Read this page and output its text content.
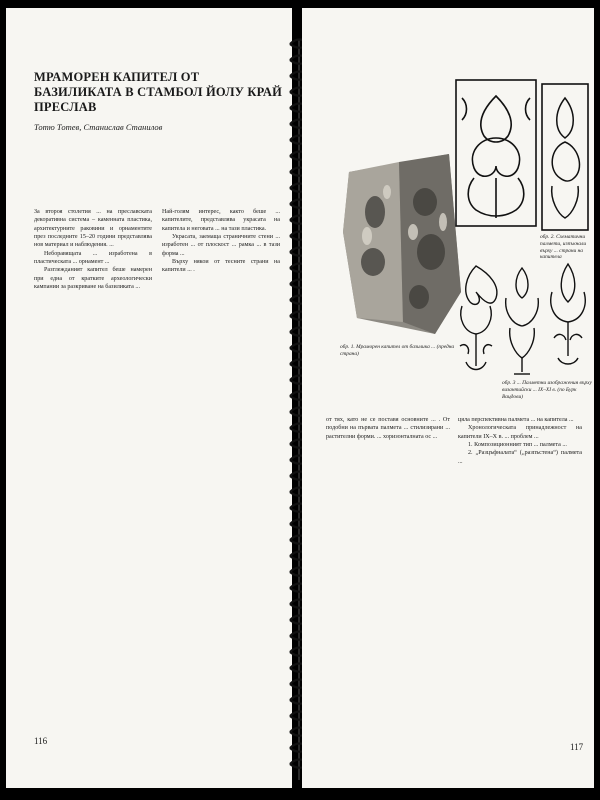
МРАМОРЕН КАПИТЕЛ ОТ БАЗИЛИКАТА В СТАМБОЛ ЙОЛУ КРАЙ ПРЕСЛАВ
Тотю Тотев, Станислав Станилов

За второя столетия ... на преславската декоративна система – каменната пластика, архитектурните раковини и орнаментите през последните 15–20 години представлява нов материал и наблюдения. ...

Неборавящата ... изработена в пластическата ... орнамент ...

Разглежданият капител беше намерен при една от кратките археологически кампании за разкриване на базиликата ...

Най-голям интерес, както беше ... капителите, представлява украсата на капитела и неговата ... на тази пластика.

Украсата, заемаща страничните стени ... изработен ... от плоскост ... рамка ... в тази форма ...

Върху някои от тесните страни на капители ... .

116
обр. 1. Мраморен капител от базилика ... (предна страна)
обр. 2. Схематични палмети, изпъкнали върху ... страни на капитела
обр. 3 ... Палметни изображения върху византийски ... IX–XI в. (по Бурк Вацдови)

от тях, като не се поставя основните ... . От подобни на първата палмета ... стилизирани ... растителни форми. ... хоризонталната ос ...

цяла перспективна палмета ... на капитела ...

Хронологическата принадлежност на капители IX–X в. ... проблем ...

1. Композиционният тип ... палмета ...

2. „Разцъфналата“ („разпъстена“) палмета ...

117
